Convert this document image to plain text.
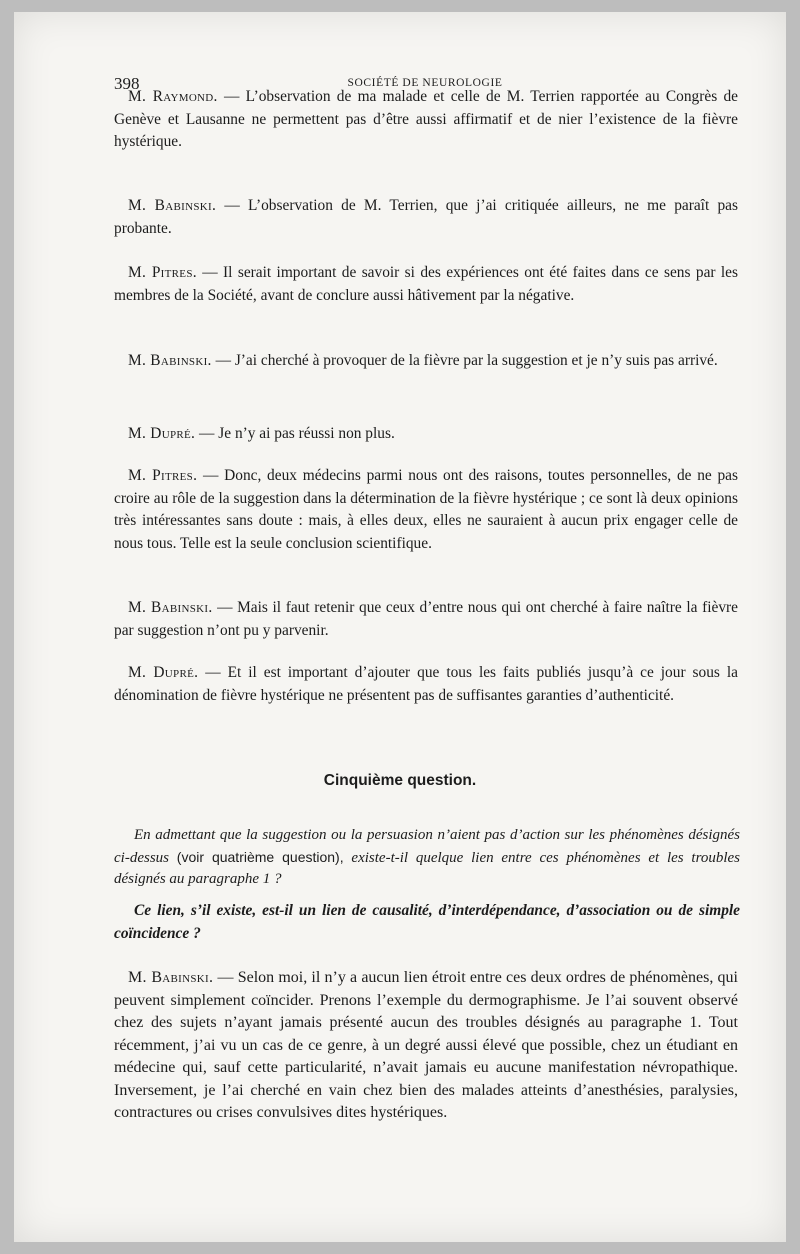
398	SOCIÉTÉ DE NEUROLOGIE

M. Raymond. — L’observation de ma malade et celle de M. Terrien rapportée au Congrès de Genève et Lausanne ne permettent pas d’être aussi affirmatif et de nier l’existence de la fièvre hystérique.

M. Babinski. — L’observation de M. Terrien, que j’ai critiquée ailleurs, ne me paraît pas probante.

M. Pitres. — Il serait important de savoir si des expériences ont été faites dans ce sens par les membres de la Société, avant de conclure aussi hâtivement par la négative.

M. Babinski. — J’ai cherché à provoquer de la fièvre par la suggestion et je n’y suis pas arrivé.

M. Dupré. — Je n’y ai pas réussi non plus.

M. Pitres. — Donc, deux médecins parmi nous ont des raisons, toutes personnelles, de ne pas croire au rôle de la suggestion dans la détermination de la fièvre hystérique ; ce sont là deux opinions très intéressantes sans doute : mais, à elles deux, elles ne sauraient à aucun prix engager celle de nous tous. Telle est la seule conclusion scientifique.

M. Babinski. — Mais il faut retenir que ceux d’entre nous qui ont cherché à faire naître la fièvre par suggestion n’ont pu y parvenir.

M. Dupré. — Et il est important d’ajouter que tous les faits publiés jusqu’à ce jour sous la dénomination de fièvre hystérique ne présentent pas de suffisantes garanties d’authenticité.

Cinquième question.

En admettant que la suggestion ou la persuasion n’aient pas d’action sur les phénomènes désignés ci-dessus (voir quatrième question), existe-t-il quelque lien entre ces phénomènes et les troubles désignés au paragraphe 1 ?

Ce lien, s’il existe, est-il un lien de causalité, d’interdépendance, d’association ou de simple coïncidence ?

M. Babinski. — Selon moi, il n’y a aucun lien étroit entre ces deux ordres de phénomènes, qui peuvent simplement coïncider. Prenons l’exemple du dermographisme. Je l’ai souvent observé chez des sujets n’ayant jamais présenté aucun des troubles désignés au paragraphe 1. Tout récemment, j’ai vu un cas de ce genre, à un degré aussi élevé que possible, chez un étudiant en médecine qui, sauf cette particularité, n’avait jamais eu aucune manifestation névropathique. Inversement, je l’ai cherché en vain chez bien des malades atteints d’anesthésies, paralysies, contractures ou crises convulsives dites hystériques.
